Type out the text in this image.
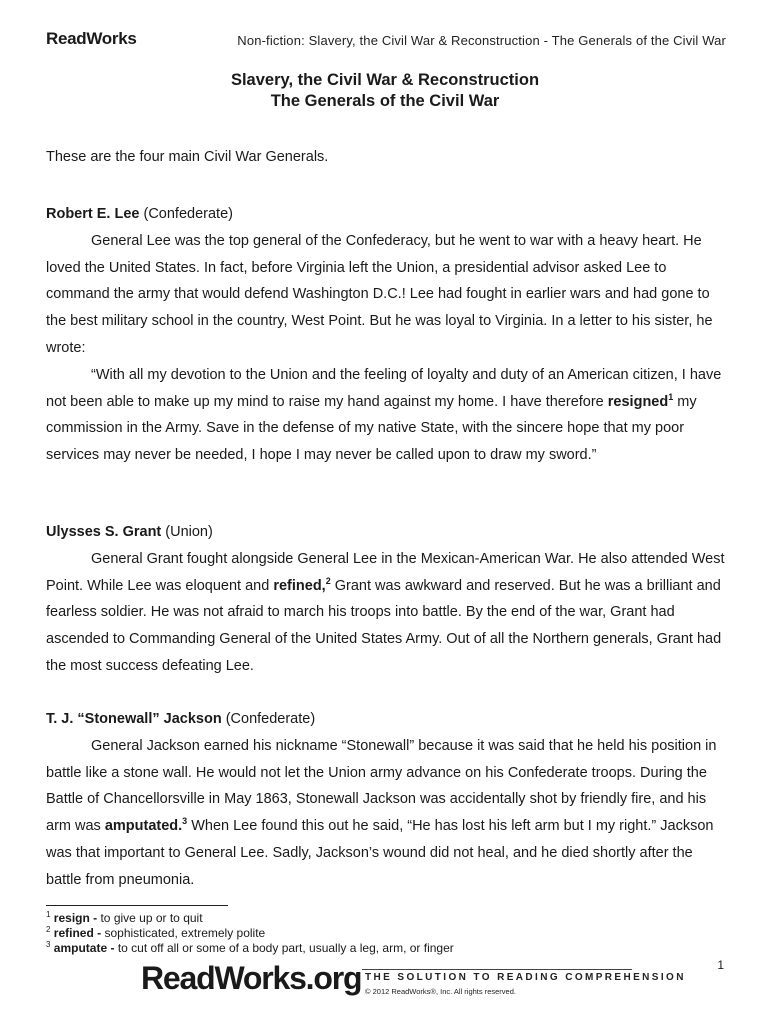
ReadWorks	Non-fiction: Slavery, the Civil War & Reconstruction - The Generals of the Civil War
Slavery, the Civil War & Reconstruction
The Generals of the Civil War
These are the four main Civil War Generals.

Robert E. Lee (Confederate)

General Lee was the top general of the Confederacy, but he went to war with a heavy heart. He loved the United States. In fact, before Virginia left the Union, a presidential advisor asked Lee to command the army that would defend Washington D.C.! Lee had fought in earlier wars and had gone to the best military school in the country, West Point. But he was loyal to Virginia. In a letter to his sister, he wrote:

“With all my devotion to the Union and the feeling of loyalty and duty of an American citizen, I have not been able to make up my mind to raise my hand against my home. I have therefore resigned$^1$ my commission in the Army. Save in the defense of my native State, with the sincere hope that my poor services may never be needed, I hope I may never be called upon to draw my sword.”

Ulysses S. Grant (Union)

General Grant fought alongside General Lee in the Mexican-American War. He also attended West Point. While Lee was eloquent and refined,$^2$ Grant was awkward and reserved. But he was a brilliant and fearless soldier. He was not afraid to march his troops into battle. By the end of the war, Grant had ascended to Commanding General of the United States Army. Out of all the Northern generals, Grant had the most success defeating Lee.

T. J. “Stonewall” Jackson (Confederate)

General Jackson earned his nickname “Stonewall” because it was said that he held his position in battle like a stone wall. He would not let the Union army advance on his Confederate troops. During the Battle of Chancellorsville in May 1863, Stonewall Jackson was accidentally shot by friendly fire, and his arm was amputated.$^3$ When Lee found this out he said, “He has lost his left arm but I my right.” Jackson was that important to General Lee. Sadly, Jackson’s wound did not heal, and he died shortly after the battle from pneumonia.

$^1$ resign - to give up or to quit
$^2$ refined - sophisticated, extremely polite
$^3$ amputate - to cut off all or some of a body part, usually a leg, arm, or finger
1
ReadWorks.org THE SOLUTION TO READING COMPREHENSION
© 2012 ReadWorks®, Inc. All rights reserved.
